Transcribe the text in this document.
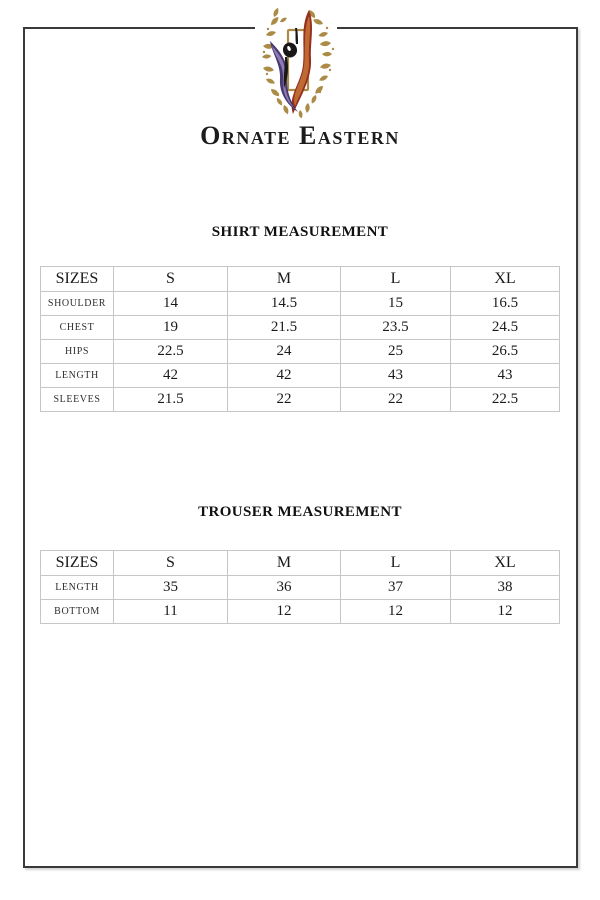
Ornate Eastern
SHIRT MEASUREMENT
SIZES	S	M	L	XL
SHOULDER	14	14.5	15	16.5
CHEST	19	21.5	23.5	24.5
HIPS	22.5	24	25	26.5
LENGTH	42	42	43	43
SLEEVES	21.5	22	22	22.5
TROUSER MEASUREMENT
SIZES	S	M	L	XL
LENGTH	35	36	37	38
BOTTOM	11	12	12	12
